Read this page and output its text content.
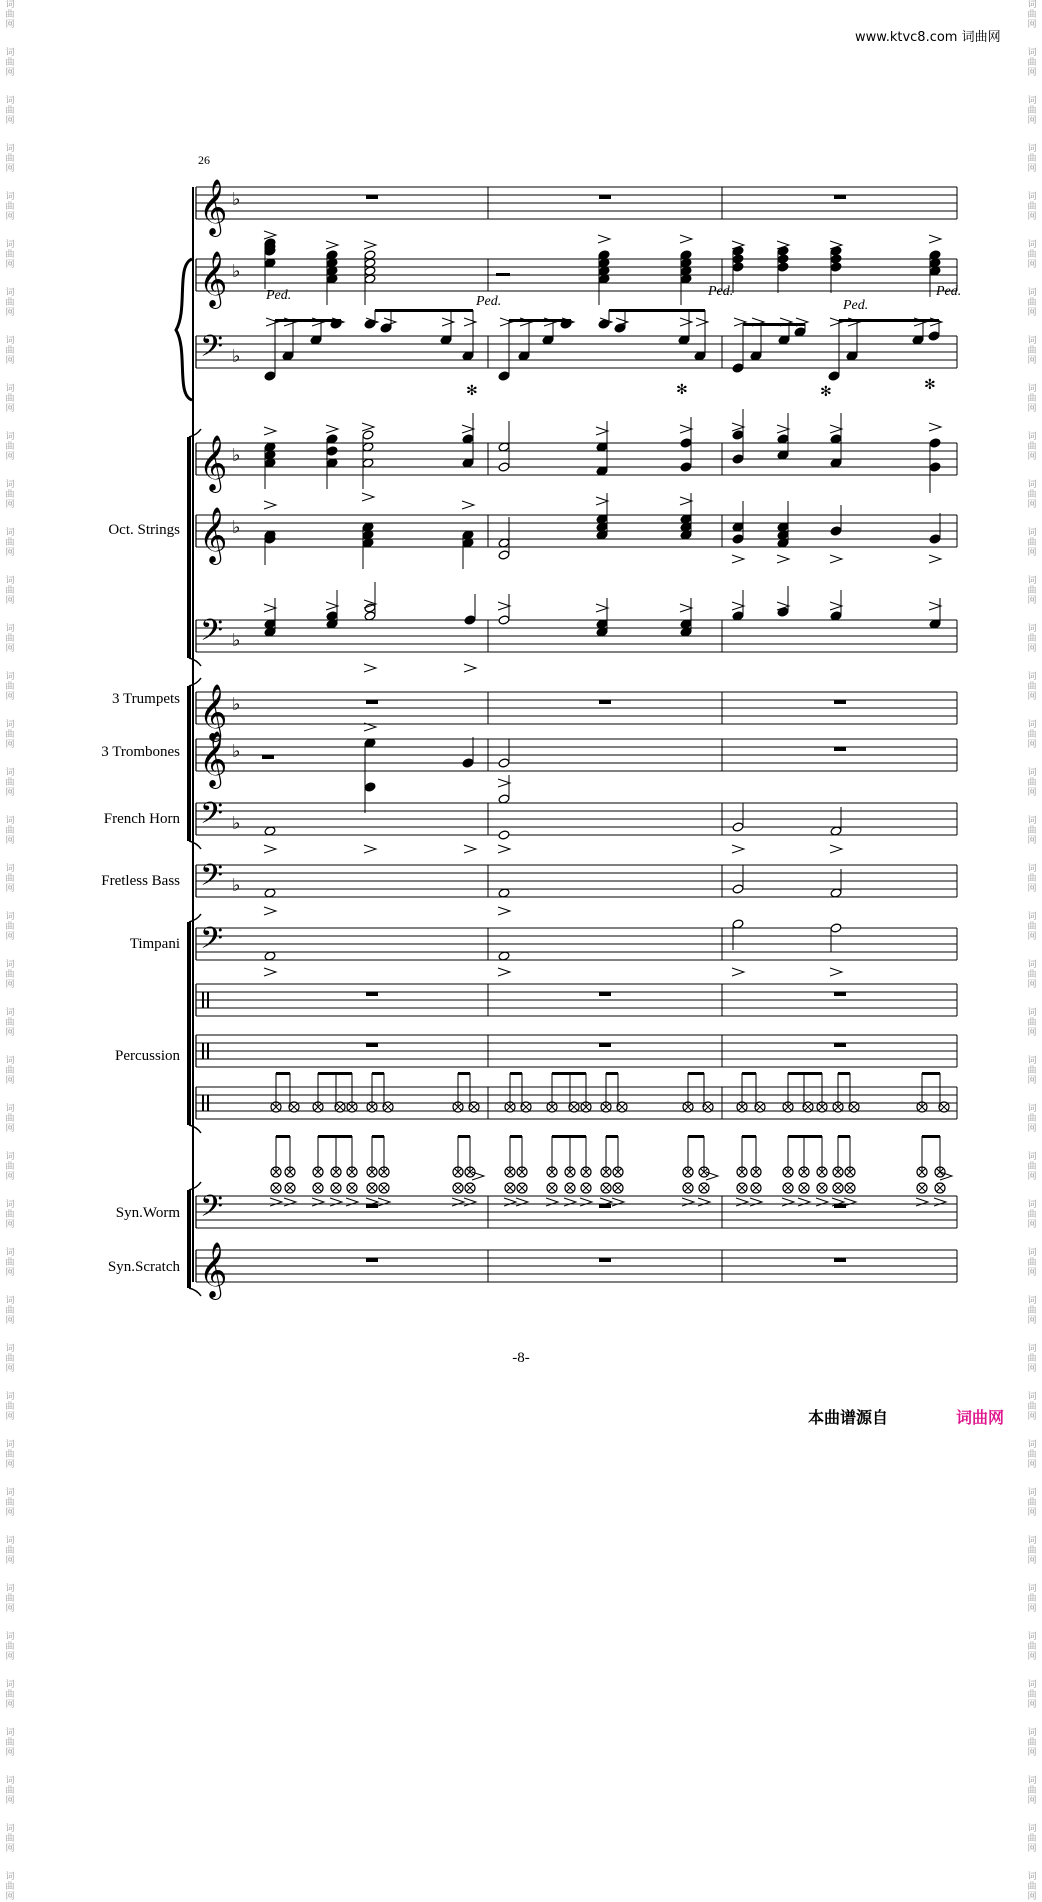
词曲网
词曲网
词曲网
词曲网
词曲网
词曲网
词曲网
词曲网
词曲网
词曲网
词曲网
词曲网
词曲网
词曲网
词曲网
词曲网
词曲网
词曲网
词曲网
词曲网
词曲网
词曲网
词曲网
词曲网
词曲网
词曲网
词曲网
词曲网
词曲网
词曲网
词曲网
词曲网
词曲网
词曲网
词曲网
词曲网
词曲网
词曲网
词曲网
词曲网
词曲网
词曲网
词曲网
词曲网
词曲网
词曲网
词曲网
词曲网
词曲网
词曲网
词曲网
词曲网
词曲网
词曲网
词曲网
词曲网
词曲网
词曲网
词曲网
词曲网
词曲网
词曲网
词曲网
词曲网
词曲网
词曲网
词曲网
词曲网
词曲网
词曲网
词曲网
词曲网
词曲网
词曲网
词曲网
词曲网
词曲网
词曲网
词曲网
词曲网
www.ktvc8.com 词曲网
26
Oct. Strings
3 Trumpets
3 Trombones
French Horn
Fretless Bass
Timpani
Percussion
Syn.Worm
Syn.Scratch
𝄞 ♭
𝄞 ♭
𝄢 ♭
𝄞 ♭
𝄞 ♭
𝄢 ♭
𝄞 ♭
𝄞 ♭
𝄢 ♭
𝄢 ♭
𝄢
𝄢
𝄞
Ped.	Ped.
Ped.
Ped.
Ped.
✻	✻	✻	✻
-8-
本曲谱源自	词曲网
